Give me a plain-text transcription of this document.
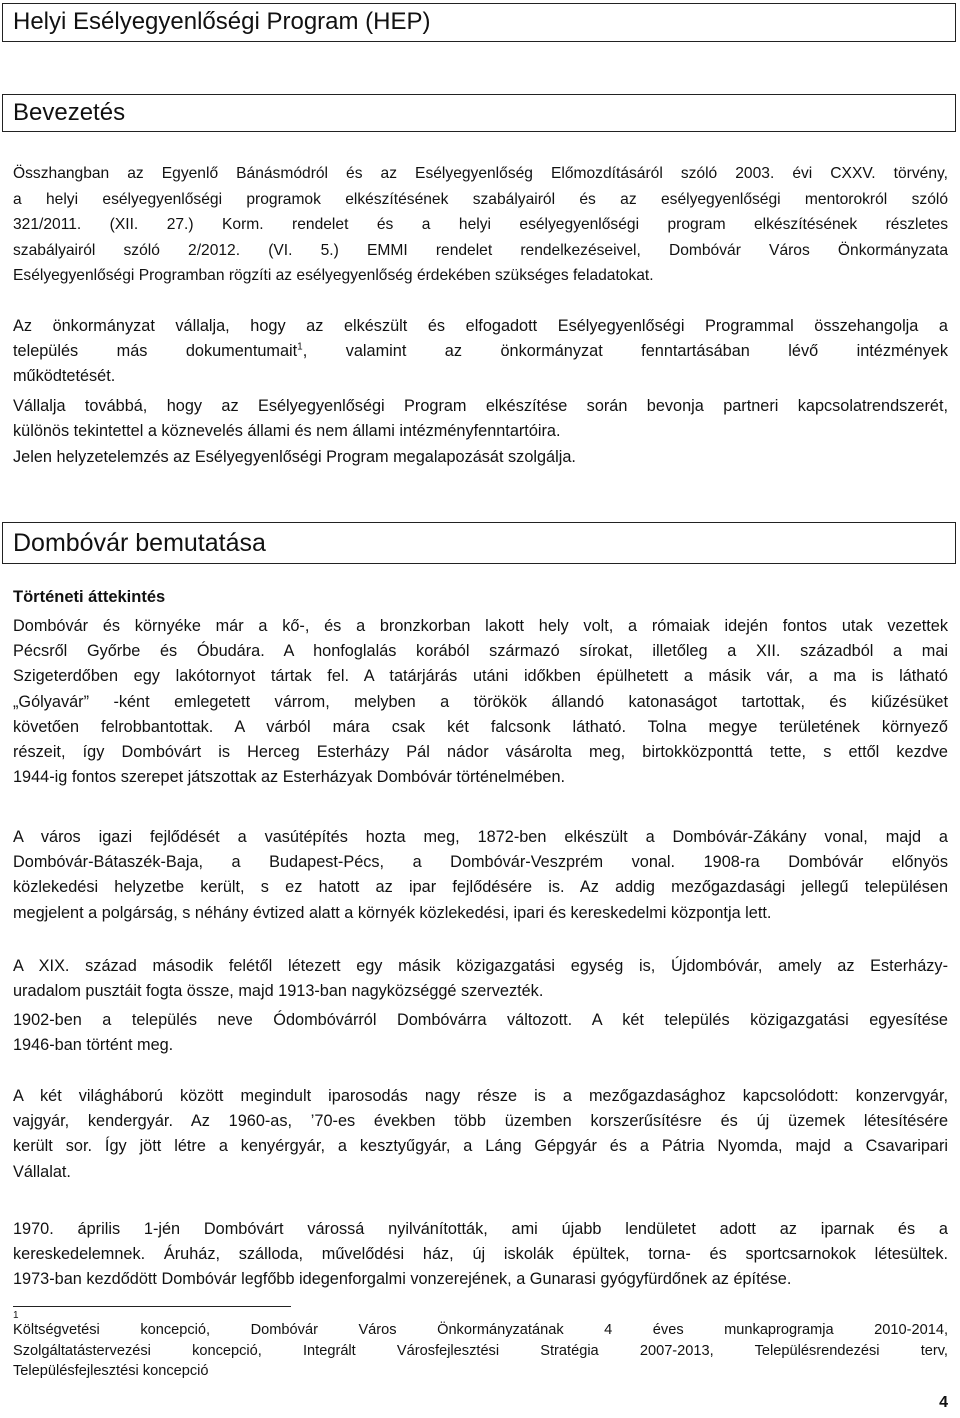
Helyi Esélyegyenlőségi Program (HEP)
Bevezetés

Összhangban az Egyenlő Bánásmódról és az Esélyegyenlőség Előmozdításáról szóló 2003. évi CXXV. törvény,
a helyi esélyegyenlőségi programok elkészítésének szabályairól és az esélyegyenlőségi mentorokról szóló
321/2011. (XII. 27.) Korm. rendelet és a helyi esélyegyenlőségi program elkészítésének részletes
szabályairól szóló 2/2012. (VI. 5.) EMMI rendelet rendelkezéseivel, Dombóvár Város Önkormányzata
Esélyegyenlőségi Programban rögzíti az esélyegyenlőség érdekében szükséges feladatokat.

Az önkormányzat vállalja, hogy az elkészült és elfogadott Esélyegyenlőségi Programmal összehangolja a
település más dokumentumait$^1$, valamint az önkormányzat fenntartásában lévő intézmények
működtetését.

Vállalja továbbá, hogy az Esélyegyenlőségi Program elkészítése során bevonja partneri kapcsolatrendszerét,
különös tekintettel a köznevelés állami és nem állami intézményfenntartóira.

Jelen helyzetelemzés az Esélyegyenlőségi Program megalapozását szolgálja.

Dombóvár bemutatása

Történeti áttekintés

Dombóvár és környéke már a kő-, és a bronzkorban lakott hely volt, a rómaiak idején fontos utak vezettek
Pécsről Győrbe és Óbudára. A honfoglalás korából származó sírokat, illetőleg a XII. századból a mai
Szigeterdőben egy lakótornyot tártak fel. A tatárjárás utáni időkben épülhetett a másik vár, a ma is látható
„Gólyavár” -ként emlegetett várrom, melyben a törökök állandó katonaságot tartottak, és kiűzésüket
követően felrobbantottak. A várból mára csak két falcsonk látható. Tolna megye területének környező
részeit, így Dombóvárt is Herceg Esterházy Pál nádor vásárolta meg, birtokközponttá tette, s ettől kezdve
1944-ig fontos szerepet játszottak az Esterházyak Dombóvár történelmében.

A város igazi fejlődését a vasútépítés hozta meg, 1872-ben elkészült a Dombóvár-Zákány vonal, majd a
Dombóvár-Bátaszék-Baja, a Budapest-Pécs, a Dombóvár-Veszprém vonal. 1908-ra Dombóvár előnyös
közlekedési helyzetbe került, s ez hatott az ipar fejlődésére is. Az addig mezőgazdasági jellegű településen
megjelent a polgárság, s néhány évtized alatt a környék közlekedési, ipari és kereskedelmi központja lett.

A XIX. század második felétől létezett egy másik közigazgatási egység is, Újdombóvár, amely az Esterházy-
uradalom pusztáit fogta össze, majd 1913-ban nagyközséggé szervezték.

1902-ben a település neve Ódombóvárról Dombóvárra változott. A két település közigazgatási egyesítése
1946-ban történt meg.

A két világháború között megindult iparosodás nagy része is a mezőgazdasághoz kapcsolódott: konzervgyár,
vajgyár, kendergyár. Az 1960-as, ’70-es években több üzemben korszerűsítésre és új üzemek létesítésére
került sor. Így jött létre a kenyérgyár, a kesztyűgyár, a Láng Gépgyár és a Pátria Nyomda, majd a Csavaripari
Vállalat.

1970. április 1-jén Dombóvárt várossá nyilvánították, ami újabb lendületet adott az iparnak és a
kereskedelemnek. Áruház, szálloda, művelődési ház, új iskolák épültek, torna- és sportcsarnokok létesültek.
1973-ban kezdődött Dombóvár legfőbb idegenforgalmi vonzerejének, a Gunarasi gyógyfürdőnek az építése.

1
Költségvetési koncepció, Dombóvár Város Önkormányzatának 4 éves munkaprogramja 2010-2014,
Szolgáltatástervezési koncepció, Integrált Városfejlesztési Stratégia 2007-2013, Településrendezési terv,
Településfejlesztési koncepció
4
